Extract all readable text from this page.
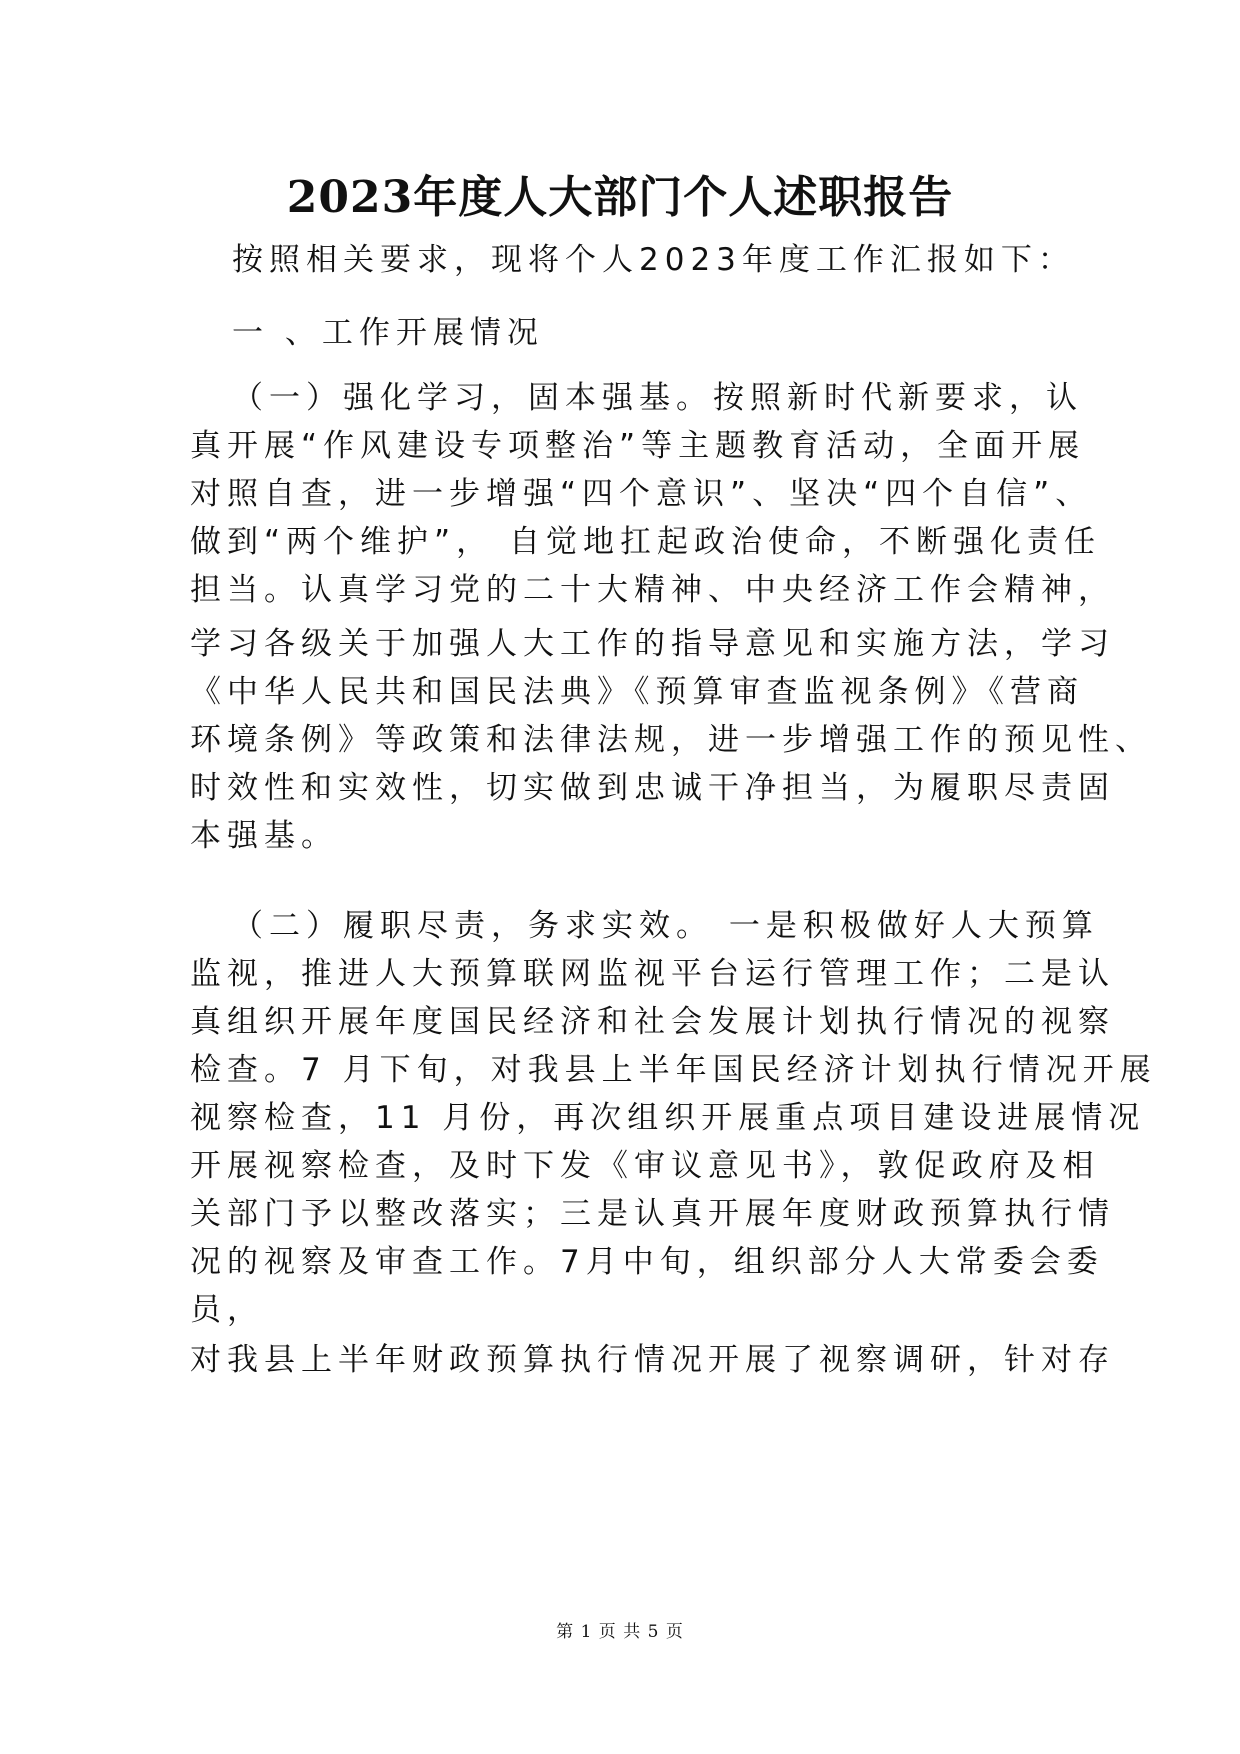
2023年度人大部门个人述职报告
按照相关要求，现将个人2023年度工作汇报如下：
一 、工作开展情况
（一）强化学习，固本强基。按照新时代新要求，认
真开展“作风建设专项整治”等主题教育活动，全面开展
对照自查，进一步增强“四个意识”、坚决“四个自信”、
做到“两个维护”， 自觉地扛起政治使命，不断强化责任
担当。认真学习党的二十大精神、中央经济工作会精神，
学习各级关于加强人大工作的指导意见和实施方法，学习
《中华人民共和国民法典》《预算审查监视条例》《营商
环境条例》等政策和法律法规，进一步增强工作的预见性、
时效性和实效性，切实做到忠诚干净担当，为履职尽责固
本强基。
（二）履职尽责，务求实效。 一是积极做好人大预算
监视，推进人大预算联网监视平台运行管理工作；二是认
真组织开展年度国民经济和社会发展计划执行情况的视察
检查。7 月下旬，对我县上半年国民经济计划执行情况开展
视察检查，11 月份，再次组织开展重点项目建设进展情况
开展视察检查，及时下发《审议意见书》，敦促政府及相
关部门予以整改落实；三是认真开展年度财政预算执行情
况的视察及审查工作。7月中旬，组织部分人大常委会委
员，
对我县上半年财政预算执行情况开展了视察调研，针对存
第 1 页 共 5 页
